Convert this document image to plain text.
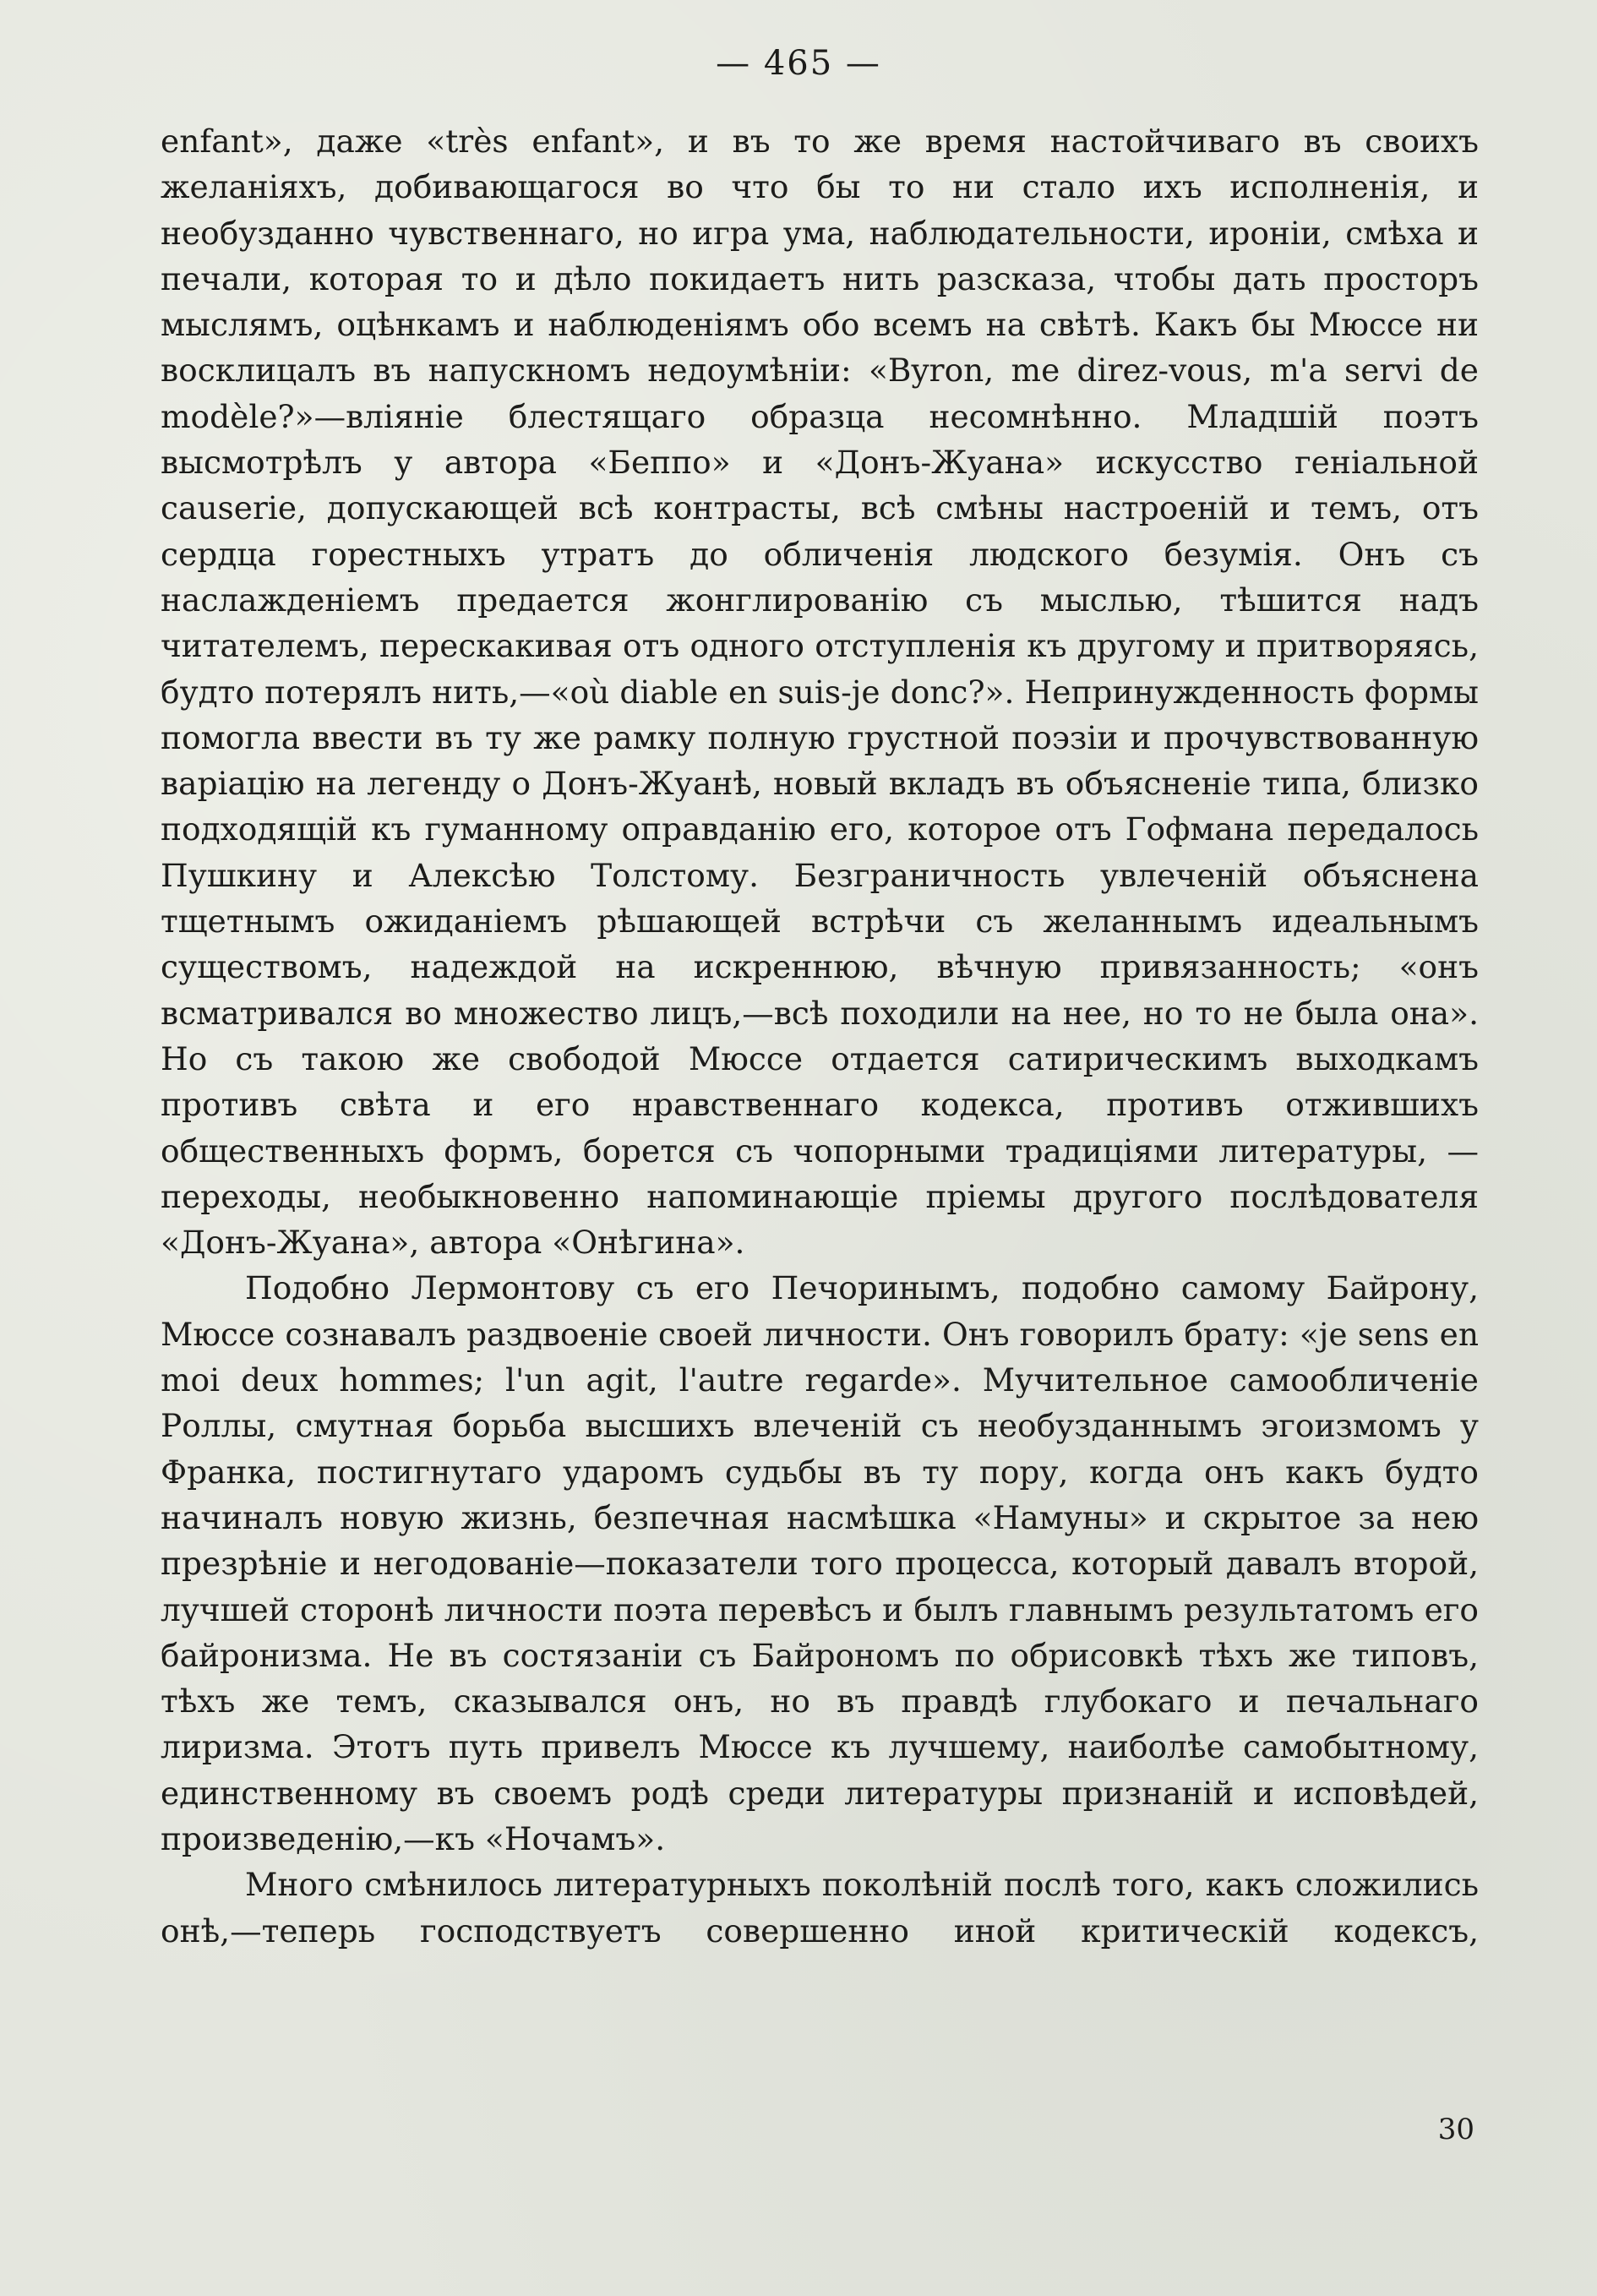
— 465 —

enfant», даже «très enfant», и въ то же время настойчиваго въ своихъ желаніяхъ, добивающагося во что бы то ни стало ихъ исполненія, и необузданно чувственнаго, но игра ума, наблюдательности, ироніи, смѣха и печали, которая то и дѣло покидаетъ нить разсказа, чтобы дать просторъ мыслямъ, оцѣнкамъ и наблюденіямъ обо всемъ на свѣтѣ. Какъ бы Мюссе ни восклицалъ въ напускномъ недоумѣніи: «Byron, me direz-vous, m'a servi de modèle?»—вліяніе блестящаго образца несомнѣнно. Младшій поэтъ высмотрѣлъ у автора «Беппо» и «Донъ-Жуана» искусство геніальной causerie, допускающей всѣ контрасты, всѣ смѣны настроеній и темъ, отъ сердца горестныхъ утратъ до обличенія людского безумія. Онъ съ наслажденіемъ предается жонглированію съ мыслью, тѣшится надъ читателемъ, перескакивая отъ одного отступленія къ другому и притворяясь, будто потерялъ нить,—«où diable en suis-je donc?». Непринужденность формы помогла ввести въ ту же рамку полную грустной поэзіи и прочувствованную варіацію на легенду о Донъ-Жуанѣ, новый вкладъ въ объясненіе типа, близко подходящій къ гуманному оправданію его, которое отъ Гофмана передалось Пушкину и Алексѣю Толстому. Безграничность увлеченій объяснена тщетнымъ ожиданіемъ рѣшающей встрѣчи съ желаннымъ идеальнымъ существомъ, надеждой на искреннюю, вѣчную привязанность; «онъ всматривался во множество лицъ,—всѣ походили на нее, но то не была она». Но съ такою же свободой Мюссе отдается сатирическимъ выходкамъ противъ свѣта и его нравственнаго кодекса, противъ отжившихъ общественныхъ формъ, борется съ чопорными традиціями литературы, — переходы, необыкновенно напоминающіе пріемы другого послѣдователя «Донъ-Жуана», автора «Онѣгина».

Подобно Лермонтову съ его Печоринымъ, подобно самому Байрону, Мюссе сознавалъ раздвоеніе своей личности. Онъ говорилъ брату: «je sens en moi deux hommes; l'un agit, l'autre regarde». Мучительное самообличеніе Роллы, смутная борьба высшихъ влеченій съ необузданнымъ эгоизмомъ у Франка, постигнутаго ударомъ судьбы въ ту пору, когда онъ какъ будто начиналъ новую жизнь, безпечная насмѣшка «Намуны» и скрытое за нею презрѣніе и негодованіе—показатели того процесса, который давалъ второй, лучшей сторонѣ личности поэта перевѣсъ и былъ главнымъ результатомъ его байронизма. Не въ состязаніи съ Байрономъ по обрисовкѣ тѣхъ же типовъ, тѣхъ же темъ, сказывался онъ, но въ правдѣ глубокаго и печальнаго лиризма. Этотъ путь привелъ Мюссе къ лучшему, наиболѣе самобытному, единственному въ своемъ родѣ среди литературы признаній и исповѣдей, произведенію,—къ «Ночамъ».

Много смѣнилось литературныхъ поколѣній послѣ того, какъ сложились онѣ,—теперь господствуетъ совершенно иной критическій кодексъ,

30
